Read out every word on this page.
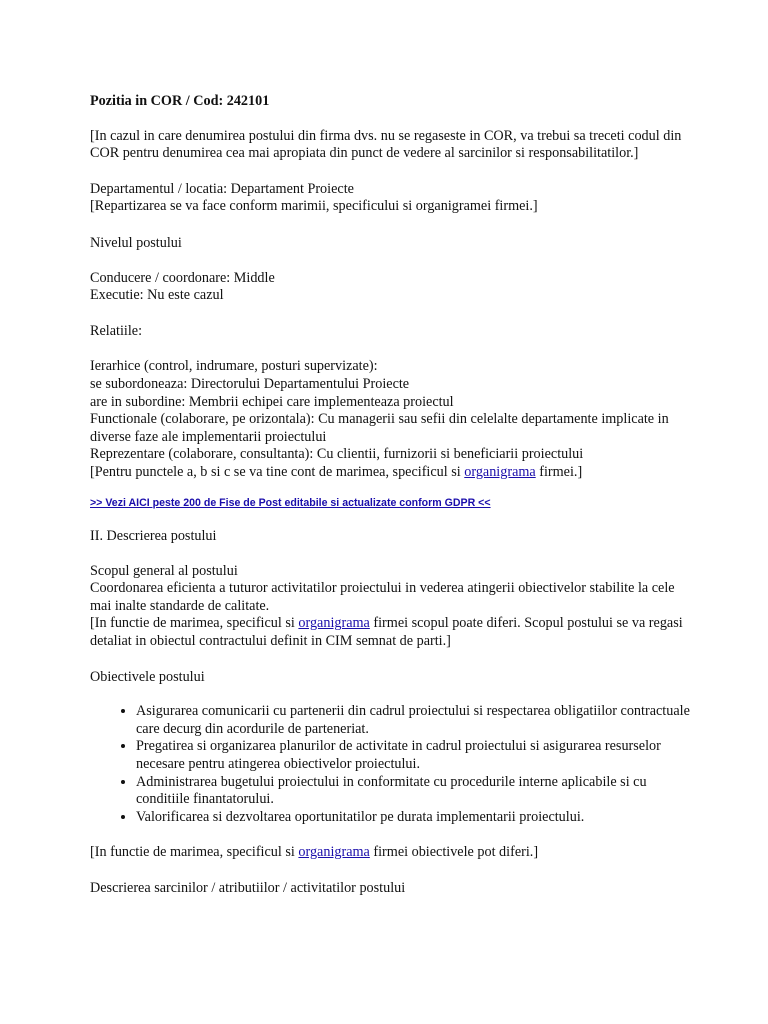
Pozitia in COR / Cod: 242101

[In cazul in care denumirea postului din firma dvs. nu se regaseste in COR, va trebui sa treceti codul din COR pentru denumirea cea mai apropiata din punct de vedere al sarcinilor si responsabilitatilor.]

Departamentul / locatia: Departament Proiecte

[Repartizarea se va face conform marimii, specificului si organigramei firmei.]

Nivelul postului

Conducere / coordonare: Middle

Executie: Nu este cazul

Relatiile:

Ierarhice (control, indrumare, posturi supervizate):

se subordoneaza: Directorului Departamentului Proiecte

are in subordine: Membrii echipei care implementeaza proiectul

Functionale (colaborare, pe orizontala): Cu managerii sau sefii din celelalte departamente implicate in diverse faze ale implementarii proiectului

Reprezentare (colaborare, consultanta): Cu clientii, furnizorii si beneficiarii proiectului

[Pentru punctele a, b si c se va tine cont de marimea, specificul si organigrama firmei.]

>> Vezi AICI peste 200 de Fise de Post editabile si actualizate conform GDPR <<

II. Descrierea postului

Scopul general al postului

Coordonarea eficienta a tuturor activitatilor proiectului in vederea atingerii obiectivelor stabilite la cele mai inalte standarde de calitate.

[In functie de marimea, specificul si organigrama firmei scopul poate diferi. Scopul postului se va regasi detaliat in obiectul contractului definit in CIM semnat de parti.]

Obiectivele postului

• Asigurarea comunicarii cu partenerii din cadrul proiectului si respectarea obligatiilor contractuale care decurg din acordurile de parteneriat.
• Pregatirea si organizarea planurilor de activitate in cadrul proiectului si asigurarea resurselor necesare pentru atingerea obiectivelor proiectului.
• Administrarea bugetului proiectului in conformitate cu procedurile interne aplicabile si cu conditiile finantatorului.
• Valorificarea si dezvoltarea oportunitatilor pe durata implementarii proiectului.

[In functie de marimea, specificul si organigrama firmei obiectivele pot diferi.]

Descrierea sarcinilor / atributiilor / activitatilor postului
